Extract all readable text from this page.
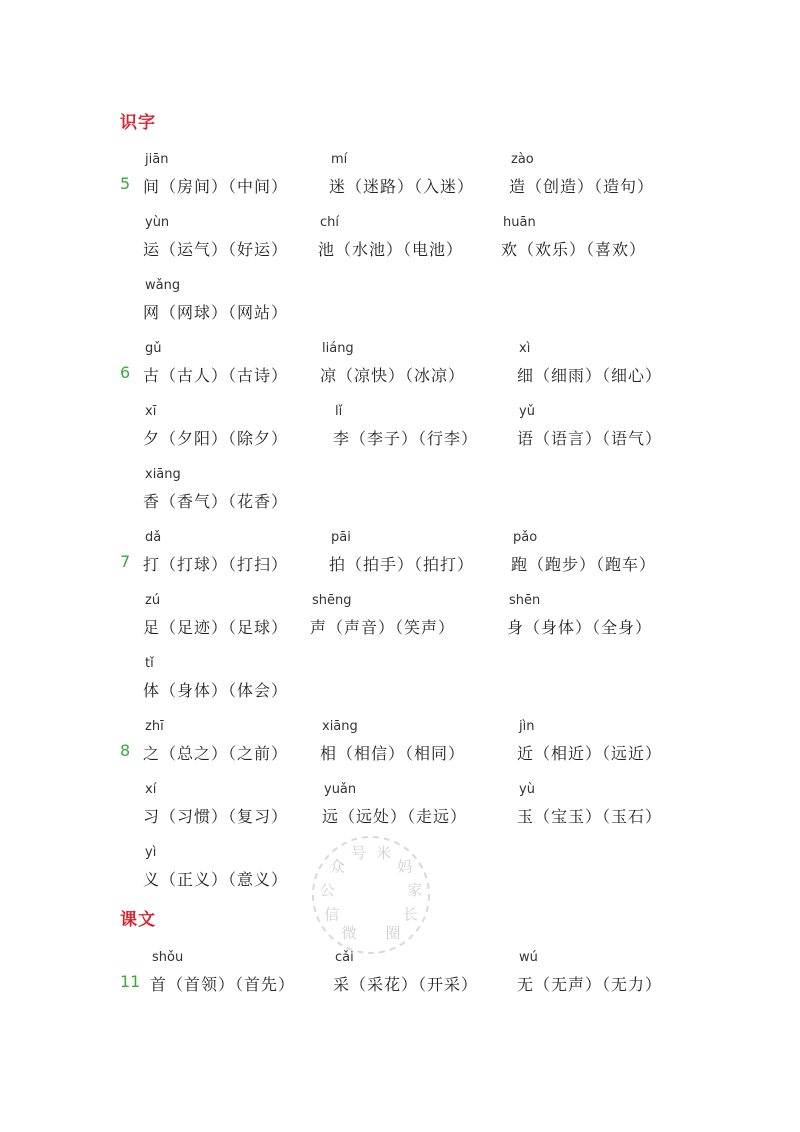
识字
课文
5
jiān
间（房间）（中间）
mí
迷（迷路）（入迷）
zào
造（创造）（造句）
yùn
运（运气）（好运）
chí
池（水池）（电池）
huān
欢（欢乐）（喜欢）
wǎng
网（网球）（网站）
6
gǔ
古（古人）（古诗）
liáng
凉（凉快）（冰凉）
xì
细（细雨）（细心）
xī
夕（夕阳）（除夕）
lǐ
李（李子）（行李）
yǔ
语（语言）（语气）
xiāng
香（香气）（花香）
7
dǎ
打（打球）（打扫）
pāi
拍（拍手）（拍打）
pǎo
跑（跑步）（跑车）
zú
足（足迹）（足球）
shēng
声（声音）（笑声）
shēn
身（身体）（全身）
tǐ
体（身体）（体会）
8
zhī
之（总之）（之前）
xiāng
相（相信）（相同）
jìn
近（相近）（远近）
xí
习（习惯）（复习）
yuǎn
远（远处）（走远）
yù
玉（宝玉）（玉石）
yì
义（正义）（意义）
11
shǒu
首（首领）（首先）
cǎi
采（采花）（开采）
wú
无（无声）（无力）
微
信
公
众
号 米
妈
家
长
圈
